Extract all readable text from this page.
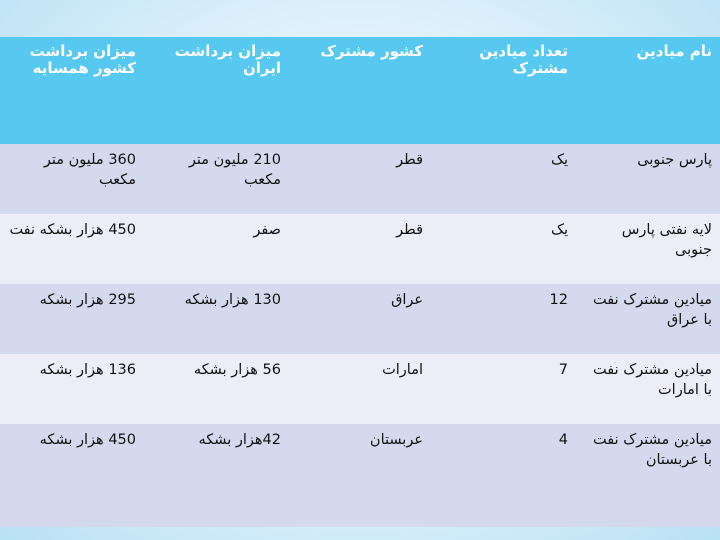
نام میادین
تعداد میادین مشترک
کشور مشترک
میزان برداشت ایران
میزان برداشت کشور همسایه
پارس جنوبی
یک
قطر
210 ملیون متر مکعب
360 ملیون متر مکعب
لایه نفتی پارس جنوبی
یک
قطر
صفر
450 هزار بشکه نفت
میادین مشترک نفت با عراق
12
عراق
130 هزار بشکه
295 هزار بشکه
میادین مشترک نفت با امارات
7
امارات
56 هزار بشکه
136 هزار بشکه
میادین مشترک نفت با عربستان
4
عربستان
42هزار بشکه
450 هزار بشکه
